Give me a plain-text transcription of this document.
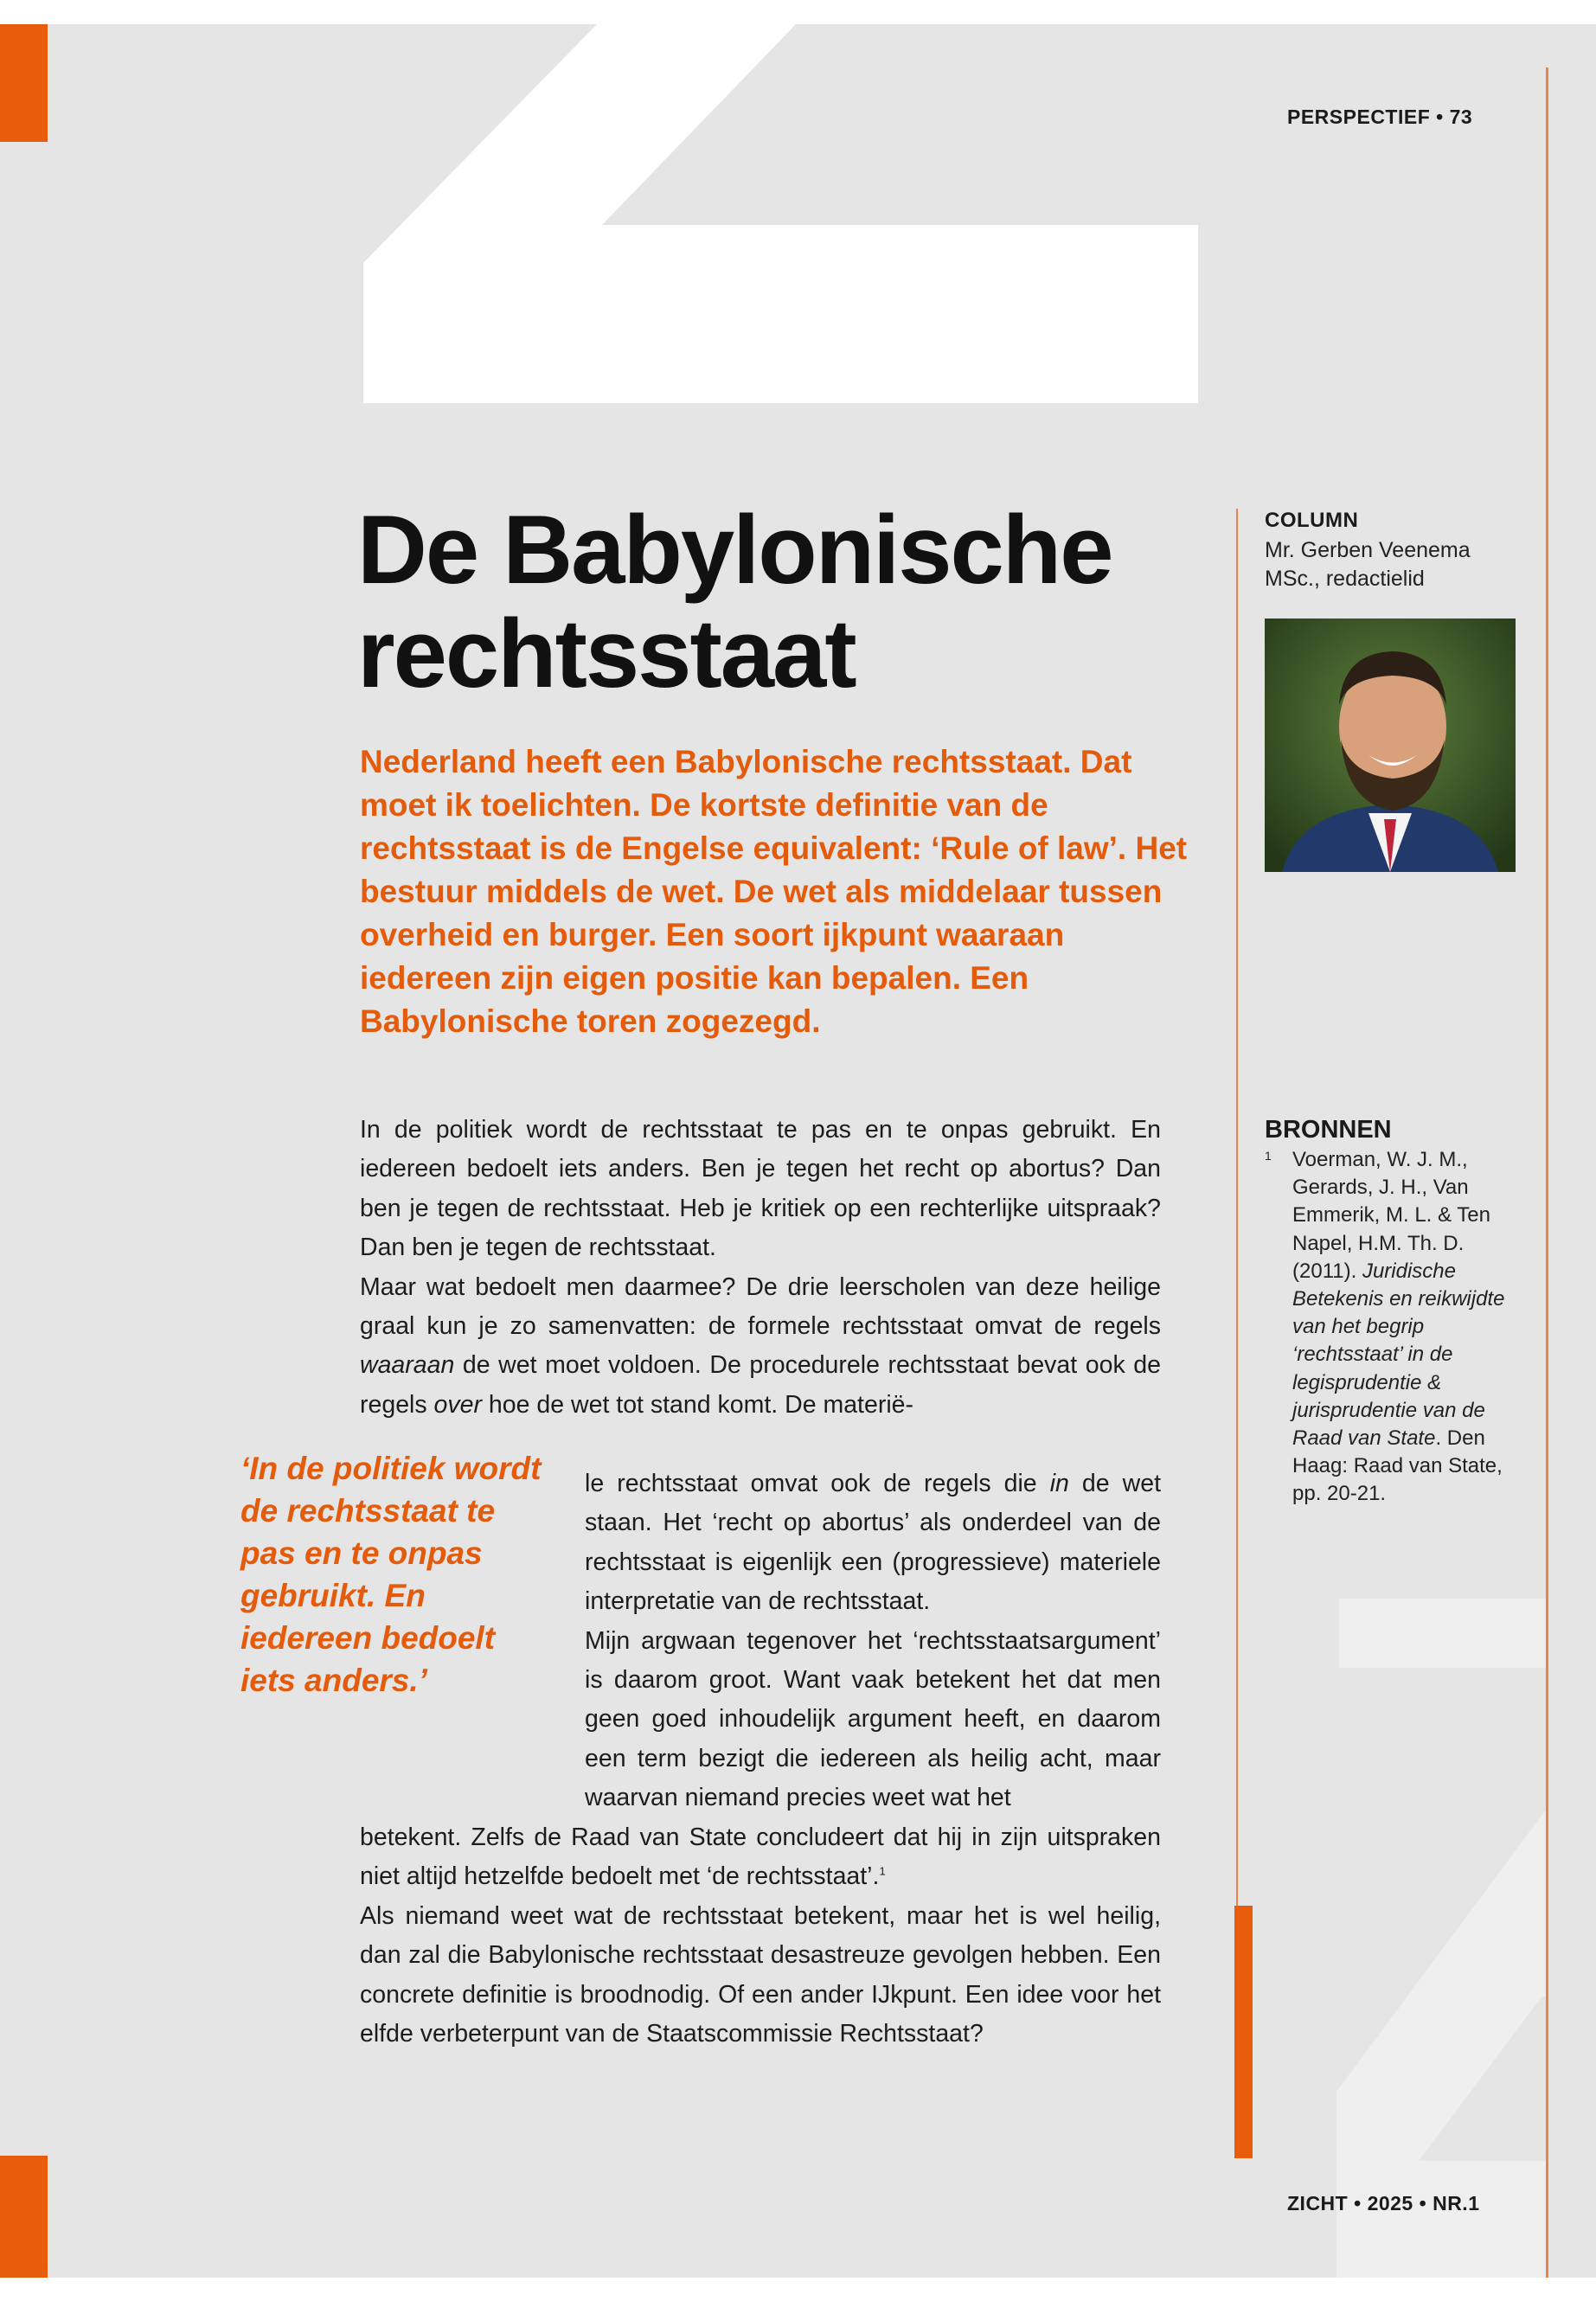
PERSPECTIEF • 73
De Babylonische rechtsstaat

Nederland heeft een Babylonische rechtsstaat. Dat moet ik toelichten. De kortste definitie van de rechtsstaat is de Engelse equivalent: ‘Rule of law’. Het bestuur middels de wet. De wet als middelaar tussen overheid en burger. Een soort ijkpunt waaraan iedereen zijn eigen positie kan bepalen. Een Babylonische toren zogezegd.

COLUMN
Mr. Gerben Veenema MSc., redactielid
BRONNEN
1	Voerman, W. J. M., Gerards, J. H., Van Emmerik, M. L. & Ten Napel, H.M. Th. D. (2011). Juridische Betekenis en reikwijdte van het begrip ‘rechtsstaat’ in de legisprudentie & jurisprudentie van de Raad van State. Den Haag: Raad van State, pp. 20-21.

In de politiek wordt de rechtsstaat te pas en te onpas gebruikt. En iedereen bedoelt iets anders. Ben je tegen het recht op abortus? Dan ben je tegen de rechtsstaat. Heb je kritiek op een rechterlijke uitspraak? Dan ben je tegen de rechtsstaat.

Maar wat bedoelt men daarmee? De drie leerscholen van deze heilige graal kun je zo samenvatten: de formele rechtsstaat omvat de regels waaraan de wet moet voldoen. De procedurele rechtsstaat bevat ook de regels over hoe de wet tot stand komt. De materië-

le rechtsstaat omvat ook de regels die in de wet staan. Het ‘recht op abortus’ als onderdeel van de rechtsstaat is eigenlijk een (progressieve) materiele interpretatie van de rechtsstaat.

Mijn argwaan tegenover het ‘rechtsstaatsargument’ is daarom groot. Want vaak betekent het dat men geen goed inhoudelijk argument heeft, en daarom een term bezigt die iedereen als heilig acht, maar waarvan niemand precies weet wat het

betekent. Zelfs de Raad van State concludeert dat hij in zijn uitspraken niet altijd hetzelfde bedoelt met ‘de rechtsstaat’.$^1$

Als niemand weet wat de rechtsstaat betekent, maar het is wel heilig, dan zal die Babylonische rechtsstaat desastreuze gevolgen hebben. Een concrete definitie is broodnodig. Of een ander IJkpunt. Een idee voor het elfde verbeterpunt van de Staatscommissie Rechtsstaat?

‘In de politiek wordt de rechtsstaat te pas en te onpas gebruikt. En iedereen bedoelt iets anders.’

ZICHT • 2025 • NR.1
